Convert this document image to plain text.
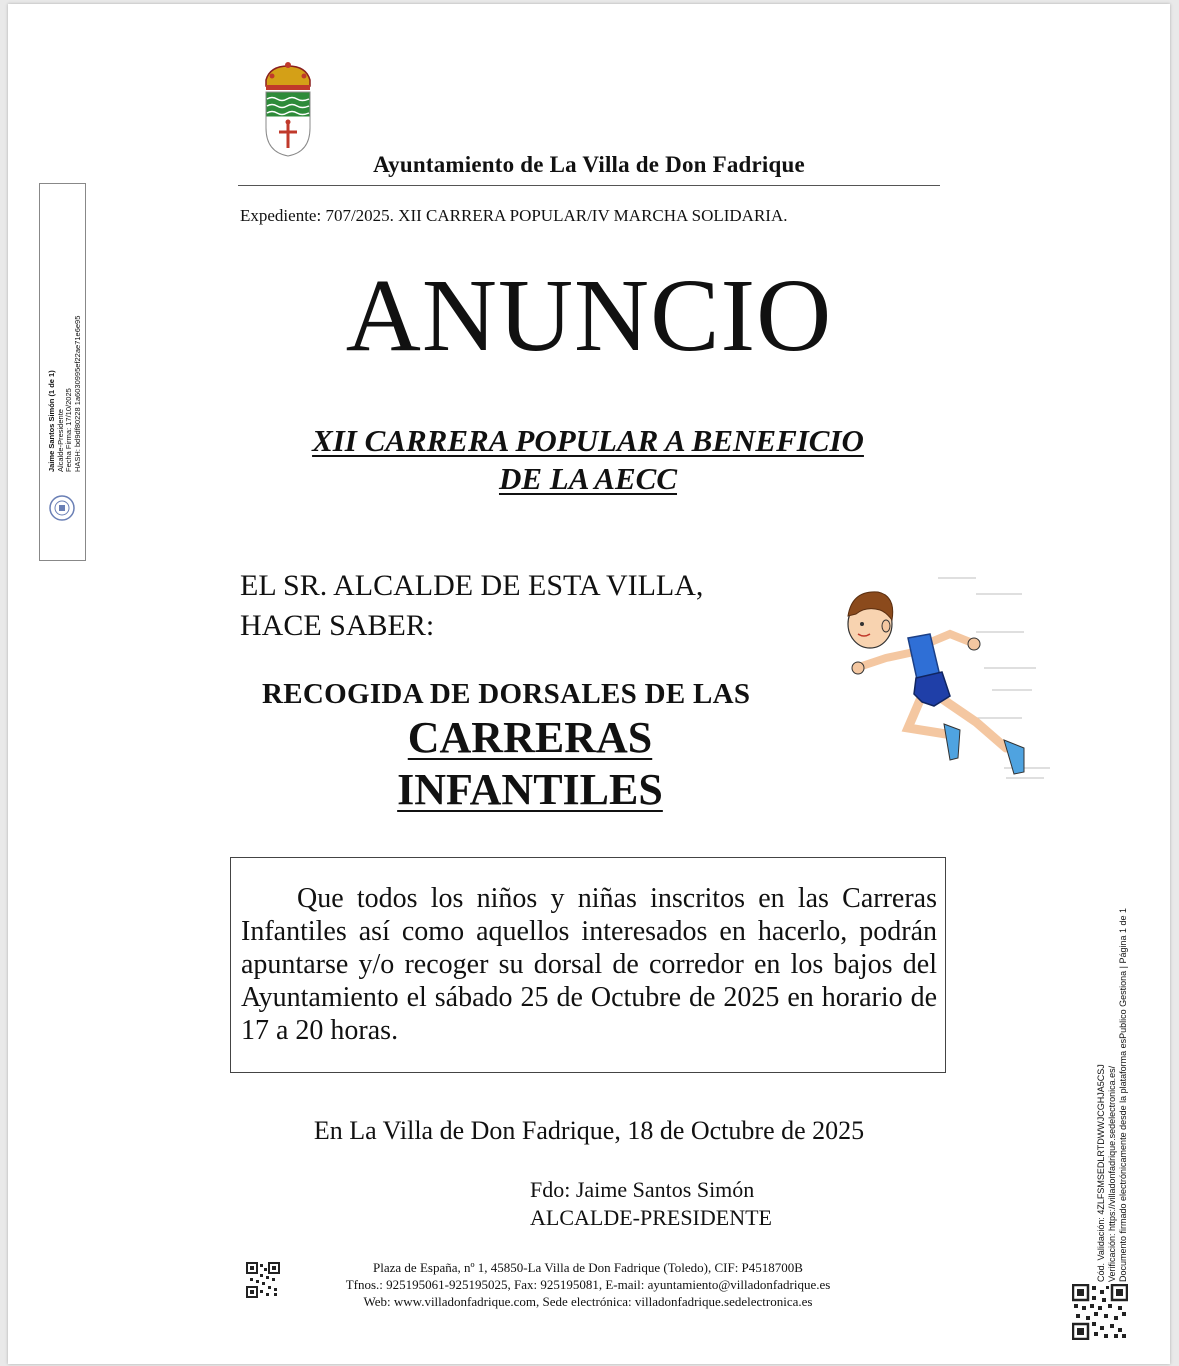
Ayuntamiento de La Villa de Don Fadrique
Expediente: 707/2025. XII CARRERA POPULAR/IV MARCHA SOLIDARIA.
ANUNCIO
XII CARRERA POPULAR A BENEFICIO
DE LA AECC
EL SR. ALCALDE DE ESTA VILLA,
HACE SABER:
RECOGIDA DE DORSALES DE LAS
CARRERAS
INFANTILES
Que todos los niños y niñas inscritos en las Carreras Infantiles así como aquellos interesados en hacerlo, podrán apuntarse y/o recoger su dorsal de corredor en los bajos del Ayuntamiento el sábado 25 de Octubre de 2025 en horario de 17 a 20 horas.
En La Villa de Don Fadrique, 18 de Octubre de 2025
Fdo: Jaime Santos Simón
ALCALDE-PRESIDENTE
Plaza de España, nº 1, 45850-La Villa de Don Fadrique (Toledo), CIF: P4518700B
Tfnos.: 925195061-925195025, Fax: 925195081, E-mail: ayuntamiento@villadonfadrique.es
Web: www.villadonfadrique.com, Sede electrónica: villadonfadrique.sedelectronica.es
Jaime Santos Simón (1 de 1) Alcalde-Presidente Fecha Firma: 17/10/2025 HASH: bd9df80228 1a6030995ef22ae71e6e95
Cód. Validación: 4ZLFSMSEDLRTDWWJCGHJA5CSJ Verificación: https://villadonfadrique.sedelectronica.es/ Documento firmado electrónicamente desde la plataforma esPublico Gestiona | Página 1 de 1
